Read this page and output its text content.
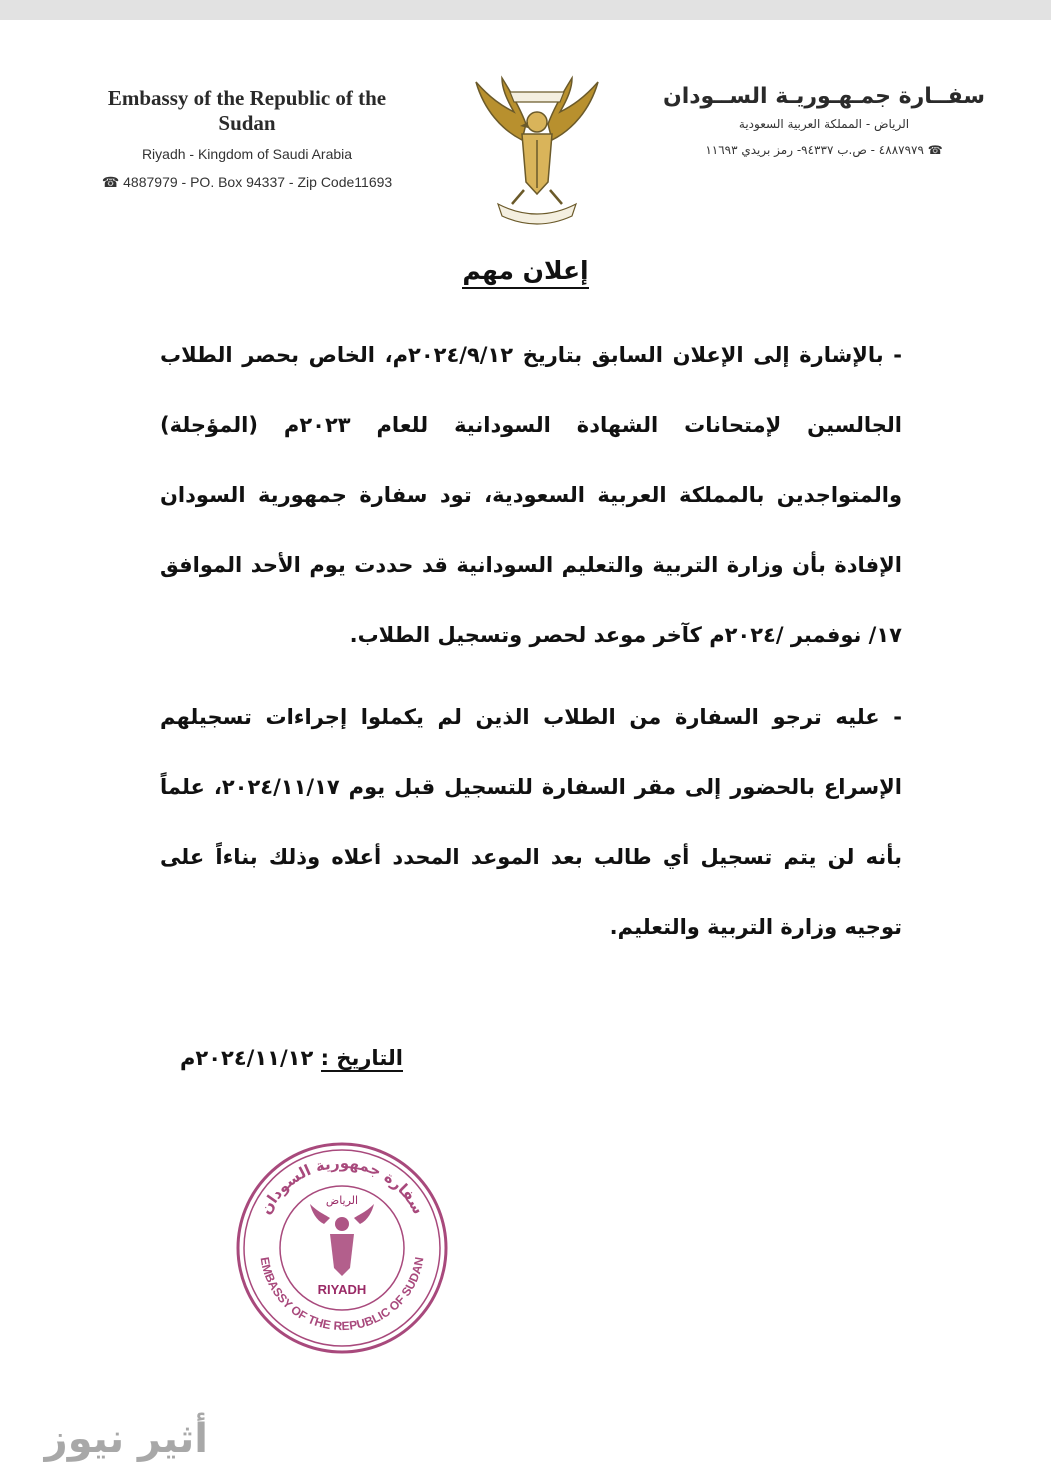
Embassy of the Republic of the Sudan
Riyadh - Kingdom of Saudi Arabia
☎ 4887979 - PO. Box 94337 - Zip Code11693
سفــارة جمـهـوريـة الســودان
الرياض - المملكة العربية السعودية
☎ ٤٨٨٧٩٧٩ - ص.ب ٩٤٣٣٧- رمز بريدي ١١٦٩٣
إعلان مهم

- بالإشارة إلى الإعلان السابق بتاريخ ٢٠٢٤/٩/١٢م، الخاص بحصر الطلاب الجالسين لإمتحانات الشهادة السودانية للعام ٢٠٢٣م (المؤجلة) والمتواجدين بالمملكة العربية السعودية، تود سفارة جمهورية السودان الإفادة بأن وزارة التربية والتعليم السودانية قد حددت يوم الأحد الموافق ١٧/ نوفمبر /٢٠٢٤م كآخر موعد لحصر وتسجيل الطلاب.

- عليه ترجو السفارة من الطلاب الذين لم يكملوا إجراءات تسجيلهم الإسراع بالحضور إلى مقر السفارة للتسجيل قبل يوم ٢٠٢٤/١١/١٧، علماً بأنه لن يتم تسجيل أي طالب بعد الموعد المحدد أعلاه وذلك بناءاً على توجيه وزارة التربية والتعليم.

التاريخ : ٢٠٢٤/١١/١٢م
سفارة جمهورية السودان
EMBASSY OF THE REPUBLIC OF SUDAN
الرياض
RIYADH
أثير نيوز
